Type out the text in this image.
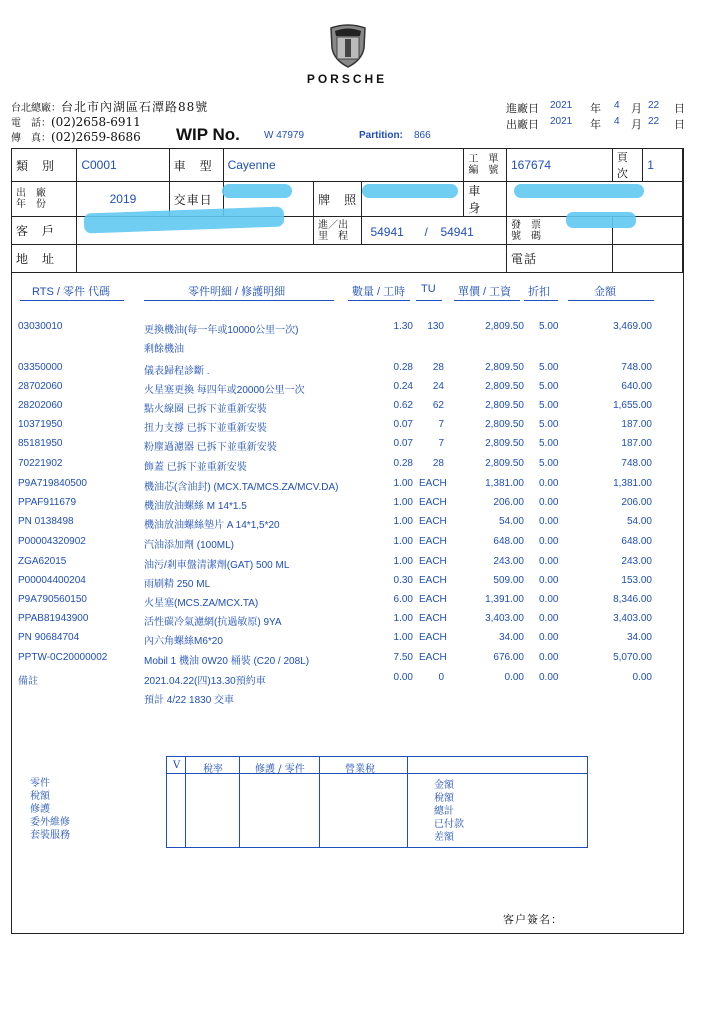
PORSCHE
台北總廠：台北市內湖區石潭路88號
電　話：(02)2658-6911
傳　真：(02)2659-8686 WIP No. W 47979	Partition: 866
進廠日 2021 年 4 月 22 日
出廠日 2021 年 4 月 22 日
類　別	C0001	車　型	Cayenne			工　單
編　號	167674	頁次	1
出　廠
年　份	2019	交車日		牌　照		車　身			
客　戶				進／出
里　程	54941 / 54941		發　票
號　碼		
地　址							電話		
RTS / 零件 代碼	零件明細 / 修護明細	數量 / 工時 TU 單價 / 工資 折扣	金額
03030010	更換機油(每一年或10000公里一次)	1.30	130	2,809.50 5.00	3,469.00
剩餘機油
03350000	儀表歸程診斷 .	0.28	28	2,809.50 5.00	748.00
28702060	火星塞更換 每四年或20000公里一次	0.24	24	2,809.50 5.00	640.00
28202060	點火線圈 已拆下並重新安裝	0.62	62	2,809.50 5.00	1,655.00
10371950	扭力支撐 已拆下並重新安裝	0.07	7	2,809.50 5.00	187.00
85181950	粉塵過濾器 已拆下並重新安裝	0.07	7	2,809.50 5.00	187.00
70221902	飾蓋 已拆下並重新安裝	0.28	28	2,809.50 5.00	748.00
P9A719840500	機油芯(含油封) (MCX.TA/MCS.ZA/MCV.DA)	1.00 EACH	1,381.00 0.00	1,381.00
PPAF911679	機油放油螺絲 M 14*1.5	1.00 EACH	206.00 0.00	206.00
PN 0138498	機油放油螺絲墊片 A 14*1,5*20	1.00 EACH	54.00 0.00	54.00
P00004320902	汽油添加劑 (100ML)	1.00 EACH	648.00 0.00	648.00
ZGA62015	油污/剎車盤清潔劑(GAT) 500 ML	1.00 EACH	243.00 0.00	243.00
P00004400204	雨刷精 250 ML	0.30 EACH	509.00 0.00	153.00
P9A790560150	火星塞(MCS.ZA/MCX.TA)	6.00 EACH	1,391.00 0.00	8,346.00
PPAB81943900	活性碳冷氣濾網(抗過敏原) 9YA	1.00 EACH	3,403.00 0.00	3,403.00
PN 90684704	內六角螺絲M6*20	1.00 EACH	34.00 0.00	34.00
PPTW-0C20000002	Mobil 1 機油 0W20 桶裝 (C20 / 208L)	7.50 EACH	676.00 0.00	5,070.00
備註	2021.04.22(四)13.30預約車	0.00	0	0.00 0.00	0.00
預計 4/22 1830 交車
零件
稅額
修護
委外維修
套裝服務
V 稅率	修護 / 零件	營業稅
金額
稅額
總計
已付款
差額
客户簽名：
